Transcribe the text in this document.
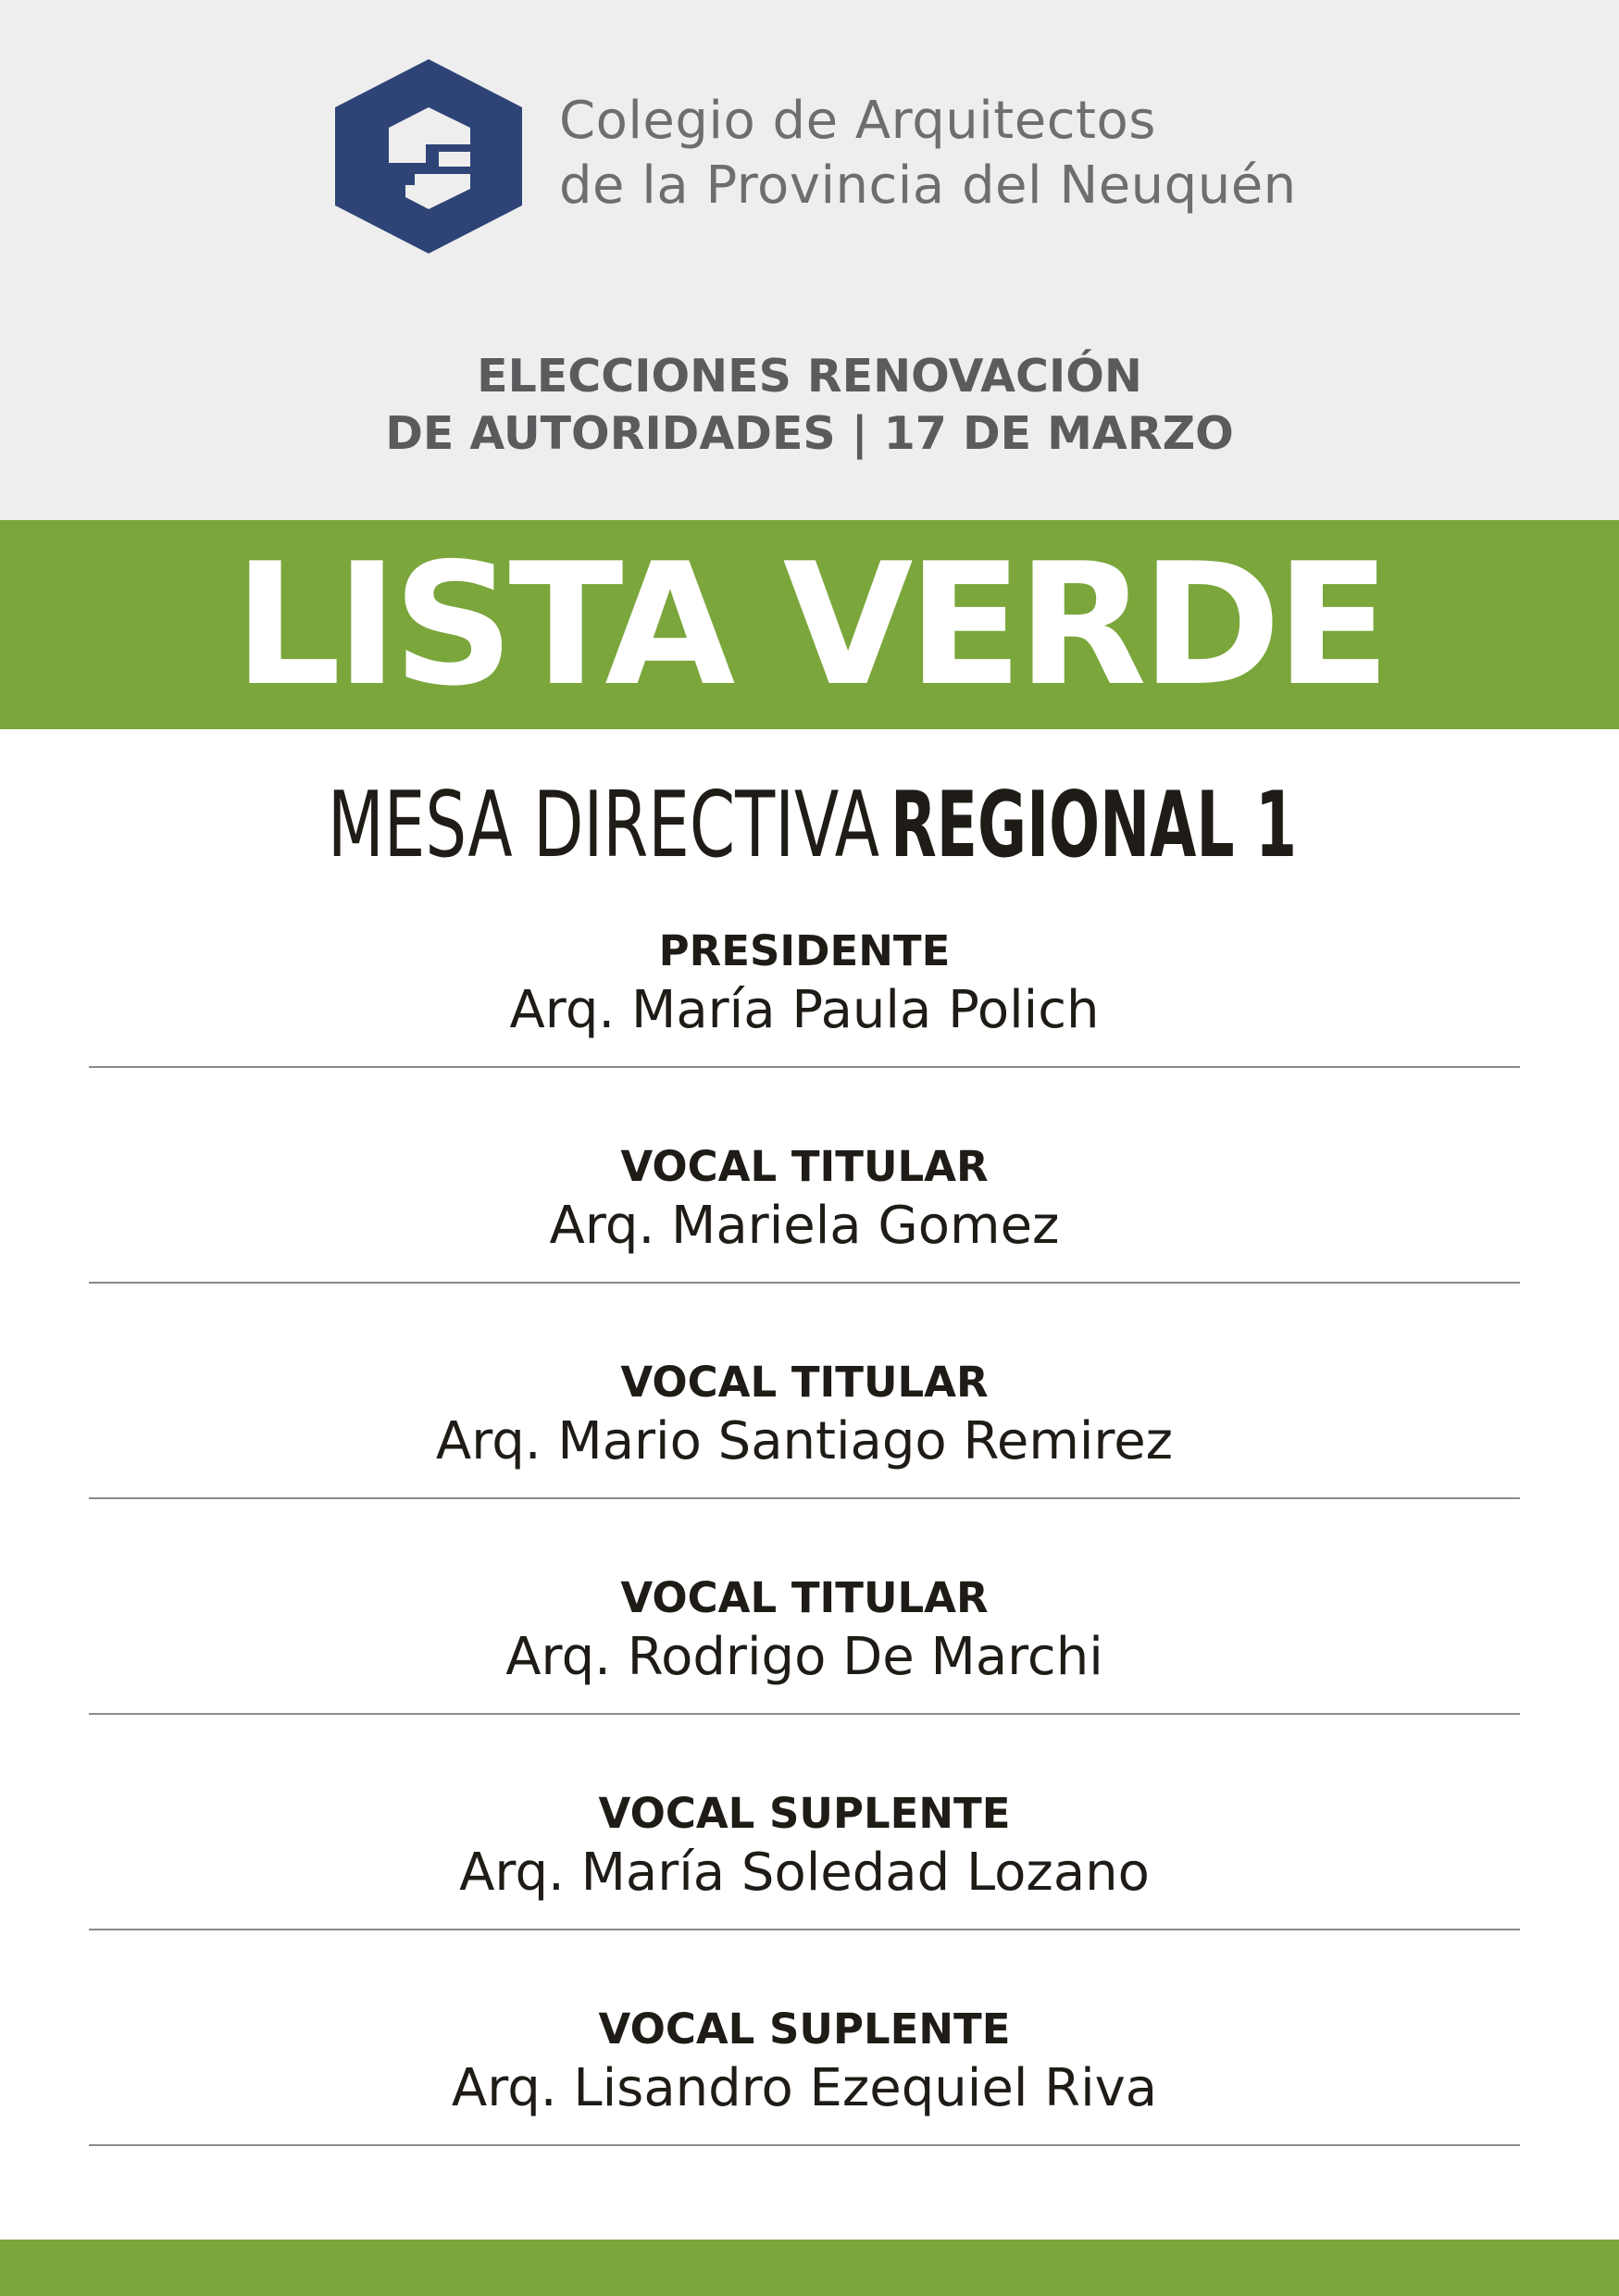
Colegio de Arquitectos
de la Provincia del Neuquén
ELECCIONES RENOVACIÓN
DE AUTORIDADES | 17 DE MARZO
LISTA VERDE
MESA DIRECTIVA REGIONAL 1
PRESIDENTE
Arq. María Paula Polich
VOCAL TITULAR
Arq. Mariela Gomez
VOCAL TITULAR
Arq. Mario Santiago Remirez
VOCAL TITULAR
Arq. Rodrigo De Marchi
VOCAL SUPLENTE
Arq. María Soledad Lozano
VOCAL SUPLENTE
Arq. Lisandro Ezequiel Riva
